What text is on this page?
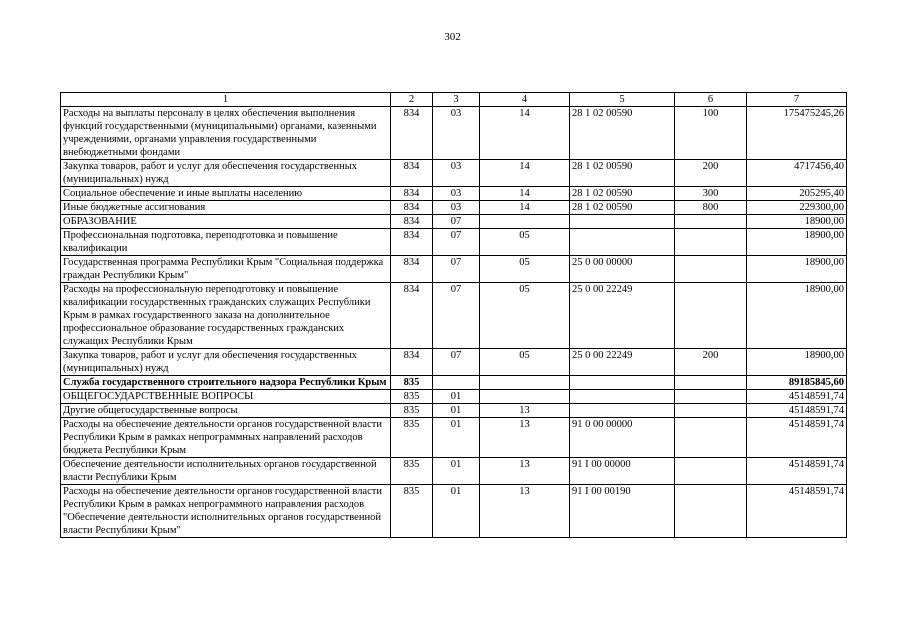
302
1	2	3	4	5	6	7
Расходы на выплаты персоналу в целях обеспечения выполнения функций государственными (муниципальными) органами, казенными учреждениями, органами управления государственными внебюджетными фондами	834	03	14	28 1 02 00590	100	175475245,26
Закупка товаров, работ и услуг для обеспечения государственных (муниципальных) нужд	834	03	14	28 1 02 00590	200	4717456,40
Социальное обеспечение и иные выплаты населению	834	03	14	28 1 02 00590	300	205295,40
Иные бюджетные ассигнования	834	03	14	28 1 02 00590	800	229300,00
ОБРАЗОВАНИЕ	834	07				18900,00
Профессиональная подготовка, переподготовка и повышение квалификации	834	07	05			18900,00
Государственная программа Республики Крым "Социальная поддержка граждан Республики Крым"	834	07	05	25 0 00 00000		18900,00
Расходы на профессиональную переподготовку и повышение квалификации государственных гражданских служащих Республики Крым в рамках государственного заказа на дополнительное профессиональное образование государственных гражданских служащих Республики Крым	834	07	05	25 0 00 22249		18900,00
Закупка товаров, работ и услуг для обеспечения государственных (муниципальных) нужд	834	07	05	25 0 00 22249	200	18900,00
Служба государственного строительного надзора Республики Крым	835					89185845,60
ОБЩЕГОСУДАРСТВЕННЫЕ ВОПРОСЫ	835	01				45148591,74
Другие общегосударственные вопросы	835	01	13			45148591,74
Расходы на обеспечение деятельности органов государственной власти Республики Крым в рамках непрограммных направлений расходов бюджета Республики Крым	835	01	13	91 0 00 00000		45148591,74
Обеспечение деятельности исполнительных органов государственной власти Республики Крым	835	01	13	91 I 00 00000		45148591,74
Расходы на обеспечение деятельности органов государственной власти Республики Крым в рамках непрограммного направления расходов "Обеспечение деятельности исполнительных органов государственной власти Республики Крым"	835	01	13	91 I 00 00190		45148591,74
